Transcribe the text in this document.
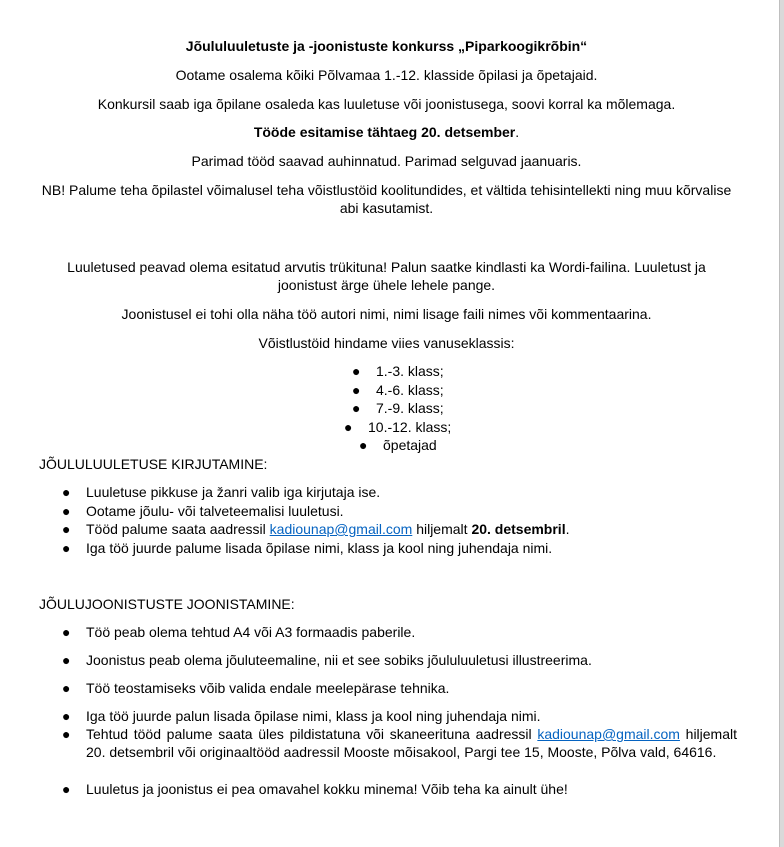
Jõululuuletuste ja -joonistuste konkurss „Piparkoogikrõbin“
Ootame osalema kõiki Põlvamaa 1.-12. klasside õpilasi ja õpetajaid.
Konkursil saab iga õpilane osaleda kas luuletuse või joonistusega, soovi korral ka mõlemaga.
Tööde esitamise tähtaeg 20. detsember.
Parimad tööd saavad auhinnatud. Parimad selguvad jaanuaris.
NB! Palume teha õpilastel võimalusel teha võistlustöid koolitundides, et vältida tehisintellekti ning muu kõrvalise abi kasutamist.
Luuletused peavad olema esitatud arvutis trükituna! Palun saatke kindlasti ka Wordi-failina. Luuletust ja joonistust ärge ühele lehele pange.
Joonistusel ei tohi olla näha töö autori nimi, nimi lisage faili nimes või kommentaarina.
Võistlustöid hindame viies vanuseklassis:
● 1.-3. klass;
● 4.-6. klass;
● 7.-9. klass;
● 10.-12. klass;
● õpetajad
JÕULULUULETUSE KIRJUTAMINE:
● Luuletuse pikkuse ja žanri valib iga kirjutaja ise.
● Ootame jõulu- või talveteemalisi luuletusi.
● Tööd palume saata aadressil kadiounap@gmail.com hiljemalt 20. detsembril.
● Iga töö juurde palume lisada õpilase nimi, klass ja kool ning juhendaja nimi.
JÕULUJOONISTUSTE JOONISTAMINE:
● Töö peab olema tehtud A4 või A3 formaadis paberile.
● Joonistus peab olema jõuluteemaline, nii et see sobiks jõululuuletusi illustreerima.
● Töö teostamiseks võib valida endale meelepärase tehnika.
● Iga töö juurde palun lisada õpilase nimi, klass ja kool ning juhendaja nimi.
● Tehtud tööd palume saata üles pildistatuna või skaneerituna aadressil kadiounap@gmail.com hiljemalt 20. detsembril või originaaltööd aadressil Mooste mõisakool, Pargi tee 15, Mooste, Põlva vald, 64616.
● Luuletus ja joonistus ei pea omavahel kokku minema! Võib teha ka ainult ühe!
